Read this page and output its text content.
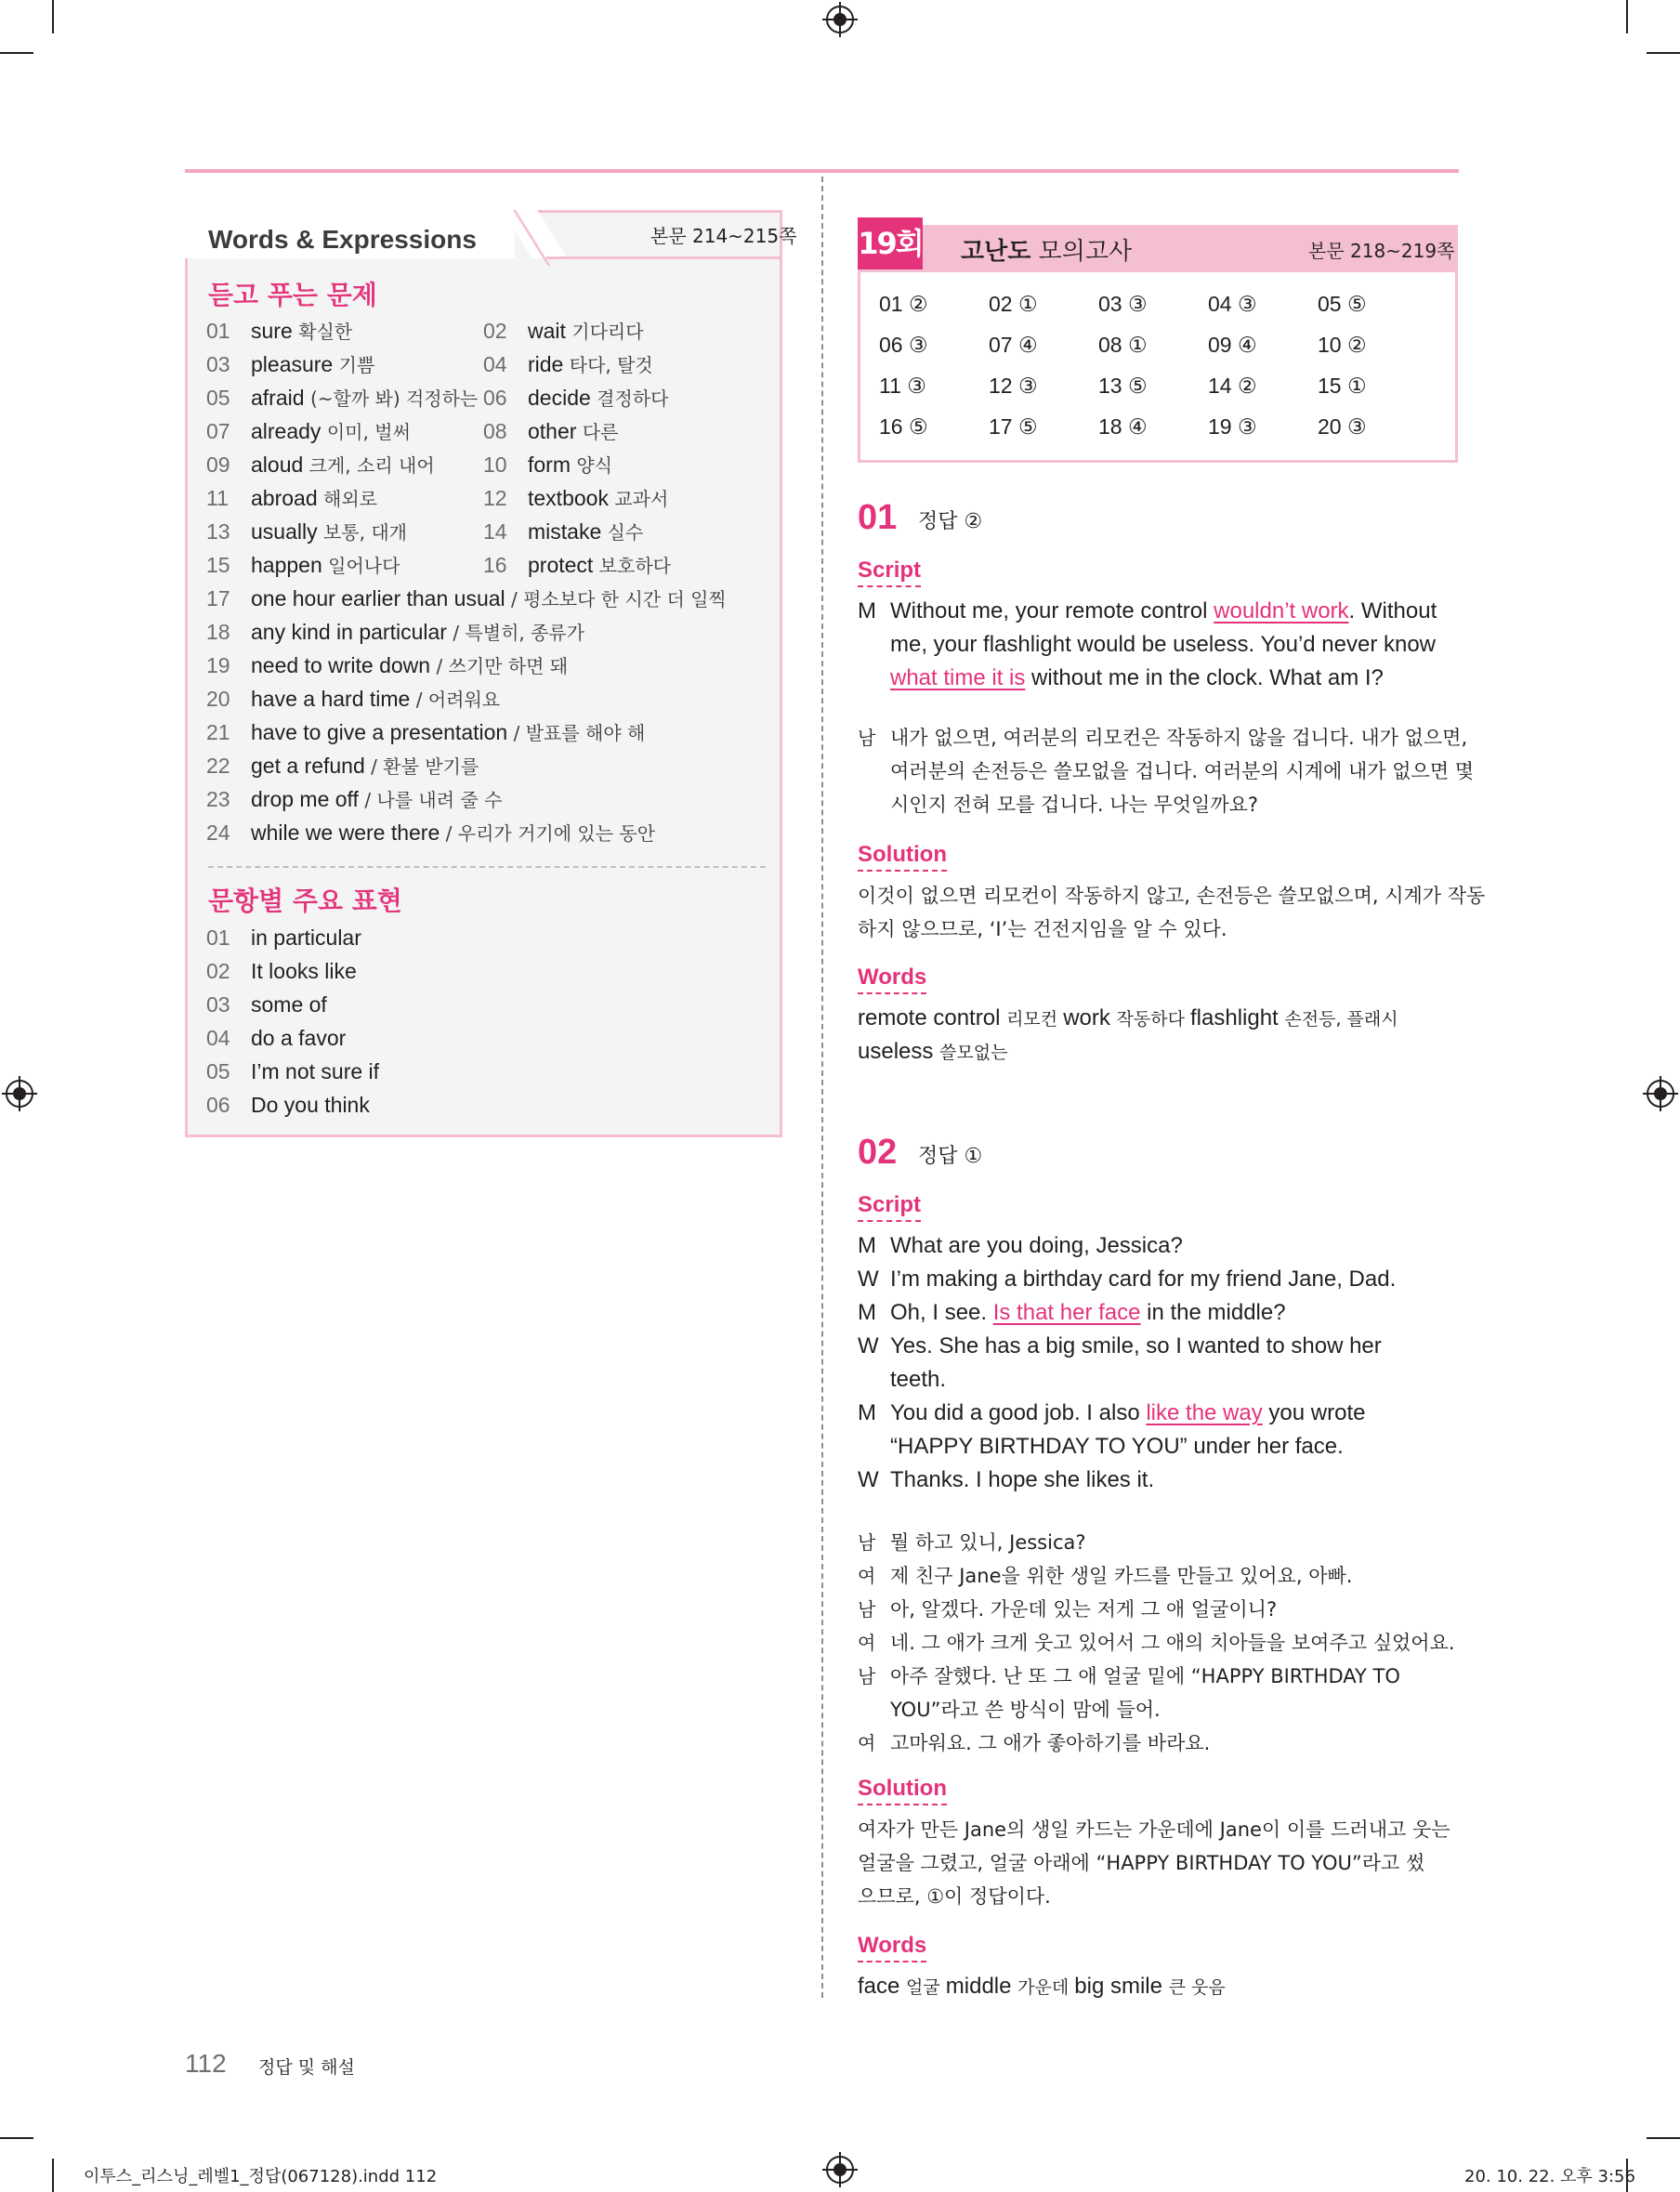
Words & Expressions	본문 214~215쪽
듣고 푸는 문제
01 sure 확실한	02 wait 기다리다
03 pleasure 기쁨	04 ride 타다, 탈것
05 afraid (~할까 봐) 걱정하는 06 decide 결정하다
07 already 이미, 벌써	08 other 다른
09 aloud 크게, 소리 내어 10 form 양식
11 abroad 해외로	12 textbook 교과서
13 usually 보통, 대개	14 mistake 실수
15 happen 일어나다	16 protect 보호하다
17 one hour earlier than usual / 평소보다 한 시간 더 일찍
18 any kind in particular / 특별히, 종류가
19 need to write down / 쓰기만 하면 돼
20 have a hard time / 어려워요
21 have to give a presentation / 발표를 해야 해
22 get a refund / 환불 받기를
23 drop me off / 나를 내려 줄 수
24 while we were there / 우리가 거기에 있는 동안
문항별 주요 표현
01 in particular
02 It looks like
03 some of
04 do a favor
05 I’m not sure if
06 Do you think
19회 고난도 모의고사	본문 218~219쪽
01 ②	02 ①	03 ③	04 ③	05 ⑤
06 ③	07 ④	08 ①	09 ④	10 ②
11 ③	12 ③	13 ⑤	14 ②	15 ①
16 ⑤	17 ⑤	18 ④	19 ③	20 ③
01 정답 ②
Script
M Without me, your remote control wouldn’t work. Without
me, your flashlight would be useless. You’d never know
what time it is without me in the clock. What am I?
남 내가 없으면, 여러분의 리모컨은 작동하지 않을 겁니다. 내가 없으면,
여러분의 손전등은 쓸모없을 겁니다. 여러분의 시계에 내가 없으면 몇
시인지 전혀 모를 겁니다. 나는 무엇일까요?
Solution
이것이 없으면 리모컨이 작동하지 않고, 손전등은 쓸모없으며, 시계가 작동
하지 않으므로, ‘I’는 건전지임을 알 수 있다.
Words
remote control 리모컨 work 작동하다 flashlight 손전등, 플래시
useless 쓸모없는
02 정답 ①
Script
M What are you doing, Jessica?
W I’m making a birthday card for my friend Jane, Dad.
M Oh, I see. Is that her face in the middle?
W Yes. She has a big smile, so I wanted to show her
teeth.
M You did a good job. I also like the way you wrote
“HAPPY BIRTHDAY TO YOU” under her face.
W Thanks. I hope she likes it.
남 뭘 하고 있니, Jessica?
여 제 친구 Jane을 위한 생일 카드를 만들고 있어요, 아빠.
남 아, 알겠다. 가운데 있는 저게 그 애 얼굴이니?
여 네. 그 애가 크게 웃고 있어서 그 애의 치아들을 보여주고 싶었어요.
남 아주 잘했다. 난 또 그 애 얼굴 밑에 “HAPPY BIRTHDAY TO
YOU”라고 쓴 방식이 맘에 들어.
여 고마워요. 그 애가 좋아하기를 바라요.
Solution
여자가 만든 Jane의 생일 카드는 가운데에 Jane이 이를 드러내고 웃는
얼굴을 그렸고, 얼굴 아래에 “HAPPY BIRTHDAY TO YOU”라고 썼
으므로, ①이 정답이다.
Words
face 얼굴 middle 가운데 big smile 큰 웃음
112 정답 및 해설
이투스_리스닝_레벨1_정답(067128).indd 112	20. 10. 22. 오후 3:56
